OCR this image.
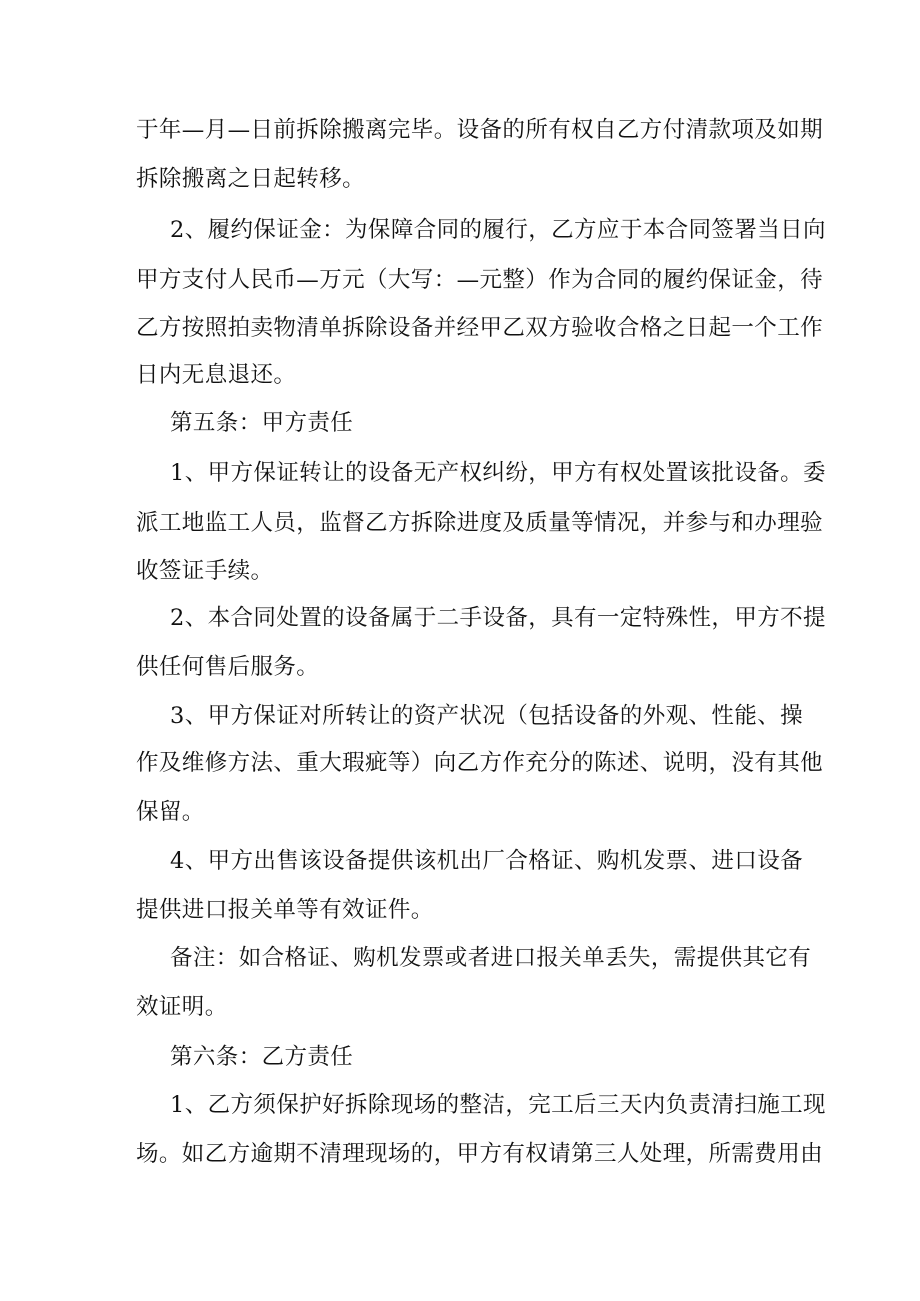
于年—月—日前拆除搬离完毕。设备的所有权自乙方付清款项及如期

拆除搬离之日起转移。

2、履约保证金：为保障合同的履行，乙方应于本合同签署当日向

甲方支付人民币—万元（大写：—元整）作为合同的履约保证金，待

乙方按照拍卖物清单拆除设备并经甲乙双方验收合格之日起一个工作

日内无息退还。

第五条：甲方责任

1、甲方保证转让的设备无产权纠纷，甲方有权处置该批设备。委

派工地监工人员，监督乙方拆除进度及质量等情况，并参与和办理验

收签证手续。

2、本合同处置的设备属于二手设备，具有一定特殊性，甲方不提

供任何售后服务。

3、甲方保证对所转让的资产状况（包括设备的外观、性能、操

作及维修方法、重大瑕疵等）向乙方作充分的陈述、说明，没有其他

保留。

4、甲方出售该设备提供该机出厂合格证、购机发票、进口设备

提供进口报关单等有效证件。

备注：如合格证、购机发票或者进口报关单丢失，需提供其它有

效证明。

第六条：乙方责任

1、乙方须保护好拆除现场的整洁，完工后三天内负责清扫施工现

场。如乙方逾期不清理现场的，甲方有权请第三人处理，所需费用由
